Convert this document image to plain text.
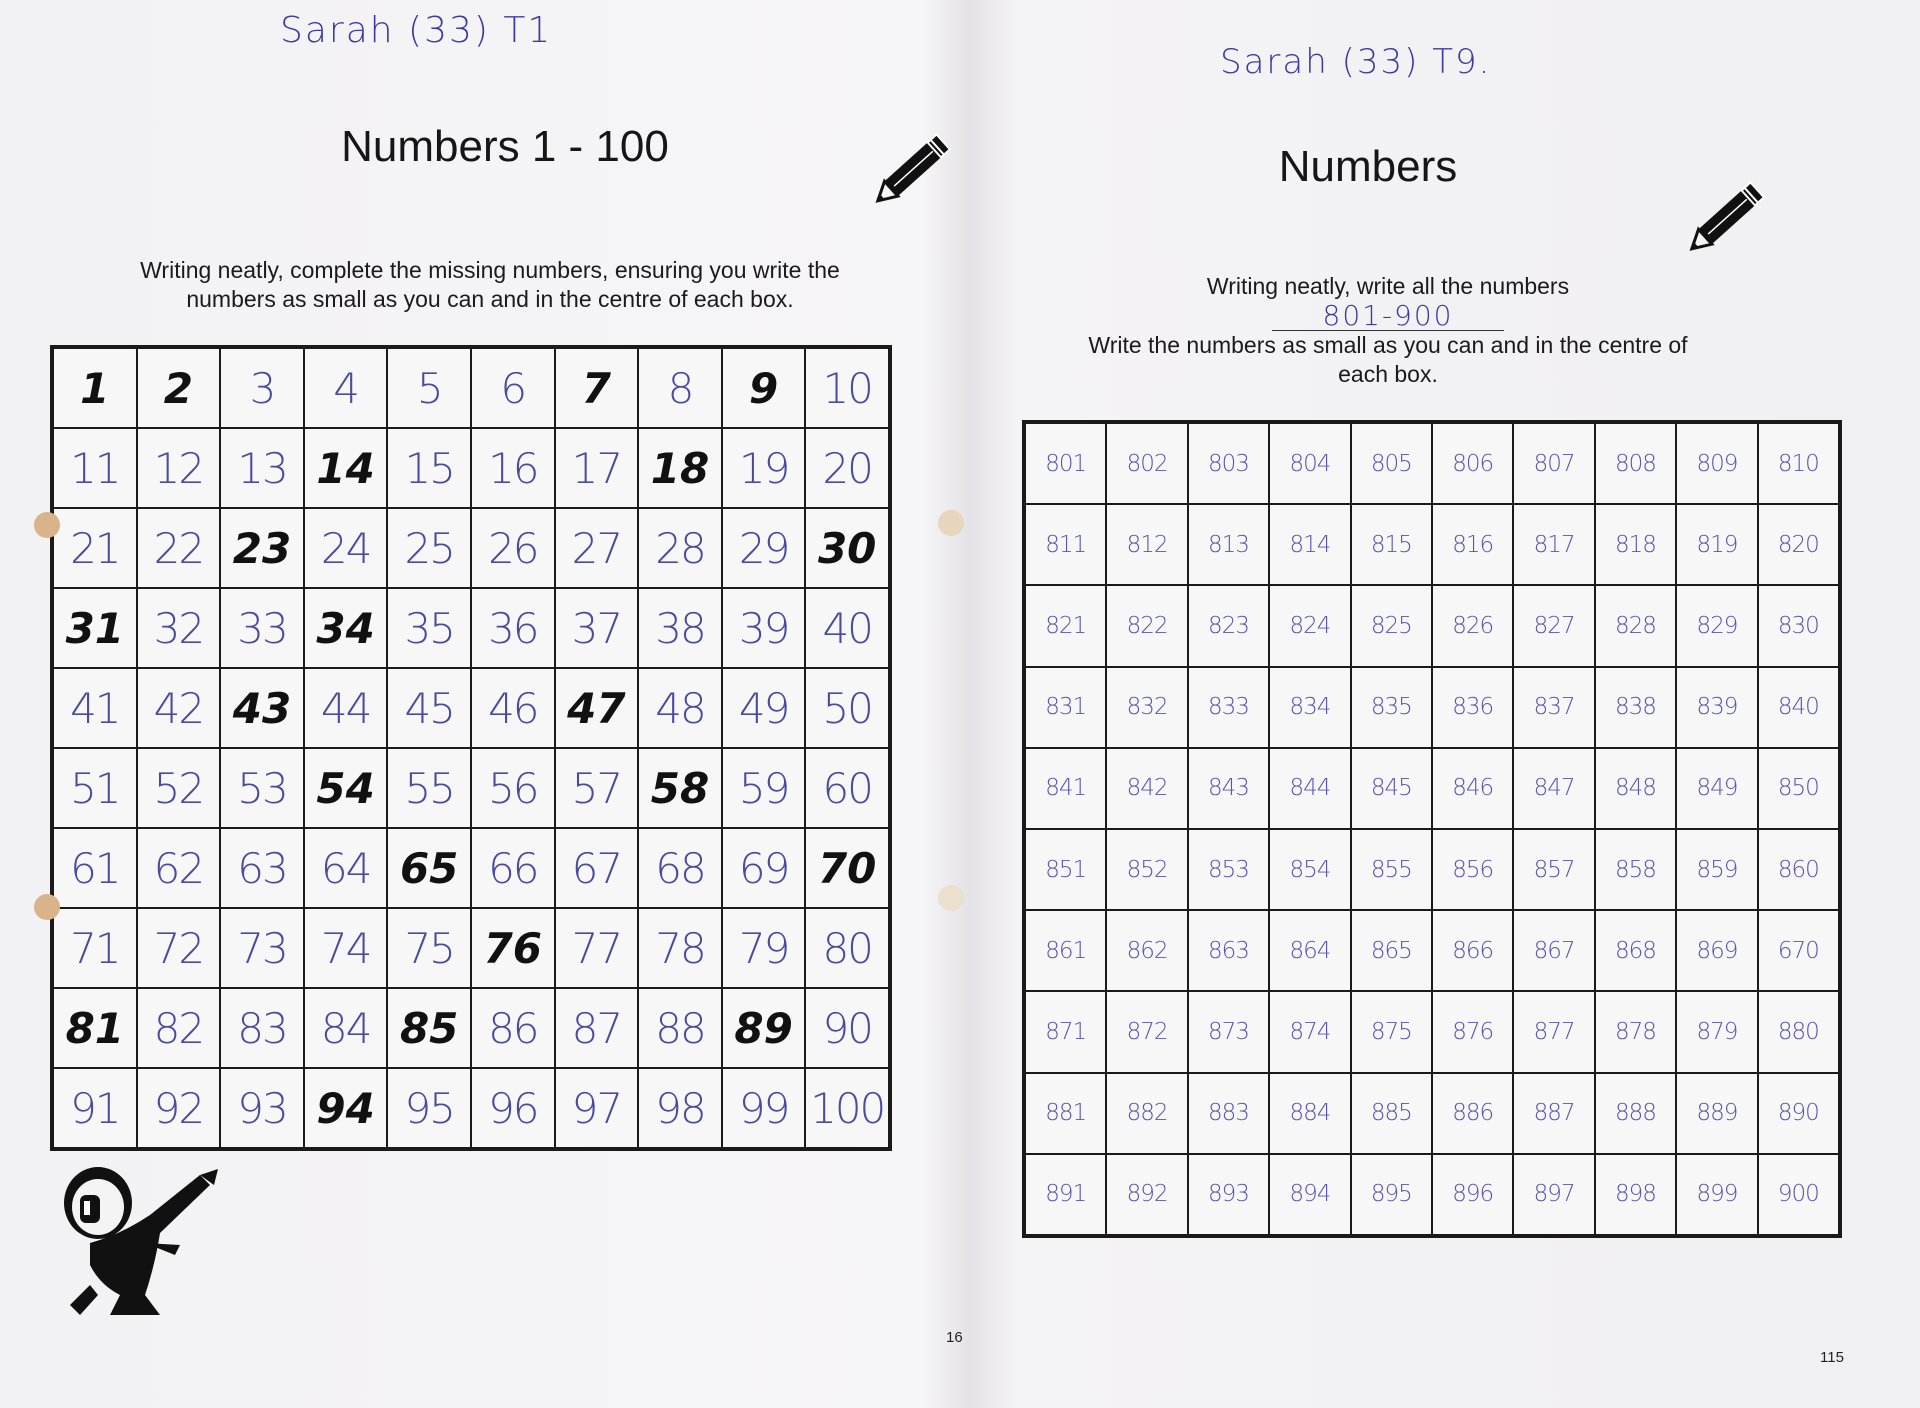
Sarah (33) T1
Numbers 1 - 100
Writing neatly, complete the missing numbers, ensuring you write the
numbers as small as you can and in the centre of each box.
1	2	3	4	5	6	7	8	9	10
11 12 13 14 15 16 17 18 19 20
21 22 23 24 25 26 27 28 29 30
31 32 33 34 35 36 37 38 39 40
41 42 43 44 45 46 47 48 49 50
51 52 53 54 55 56 57 58 59 60
61 62 63 64 65 66 67 68 69 70
71 72 73 74 75 76 77 78 79 80
81 82 83 84 85 86 87 88 89 90
91 92 93 94 95 96 97 98 99 100
16
Sarah (33) T9.
Numbers
Writing neatly, write all the numbers
801-900

Write the numbers as small as you can and in the centre of
each box.
801	802	803	804	805	806	807	808	809	810
811	812	813	814	815	816	817	818	819	820
821	822	823	824	825	826	827	828	829	830
831	832	833	834	835	836	837	838	839	840
841	842	843	844	845	846	847	848	849	850
851	852	853	854	855	856	857	858	859	860
861	862	863	864	865	866	867	868	869	670
871	872	873	874	875	876	877	878	879	880
881	882	883	884	885	886	887	888	889	890
891	892	893	894	895	896	897	898	899	900
115
